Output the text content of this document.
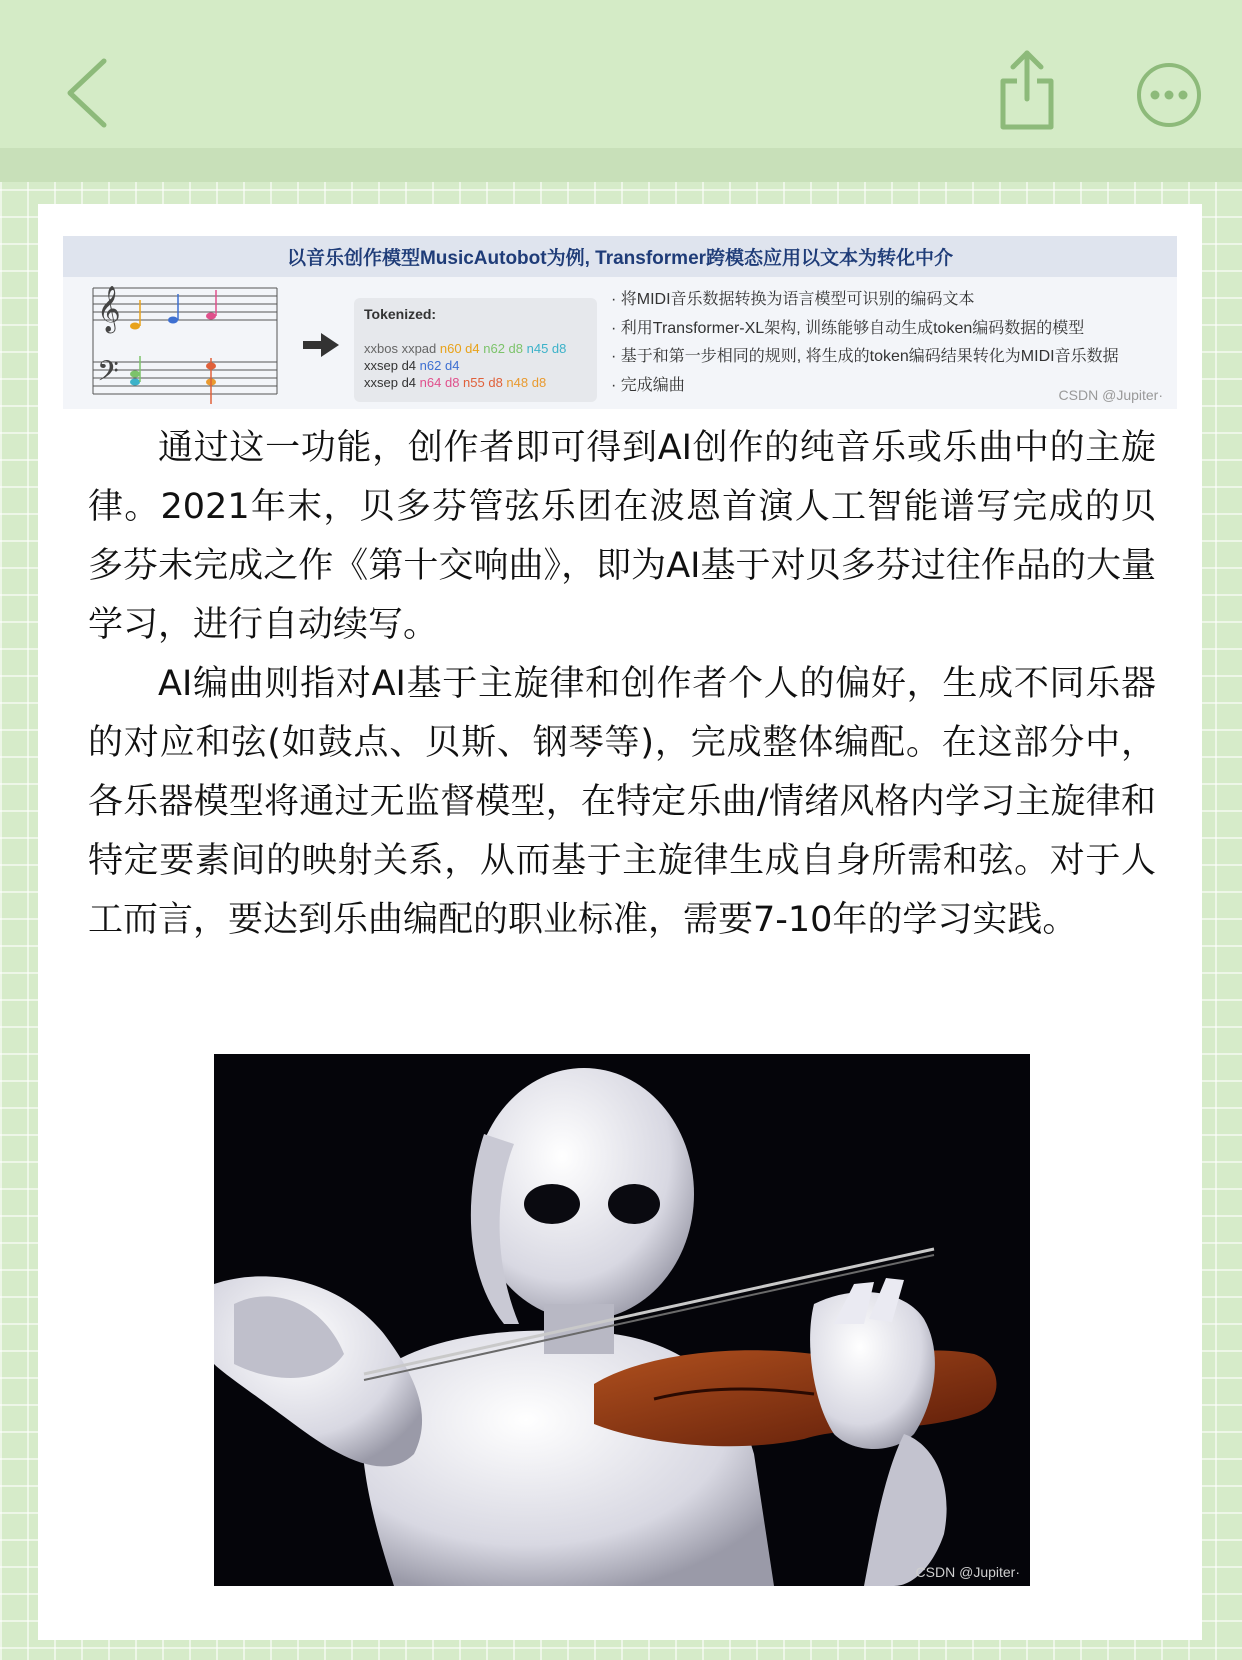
以音乐创作模型MusicAutobot为例, Transformer跨模态应用以文本为转化中介
𝄞
𝄢
Tokenized:
xxbos xxpad n60 d4 n62 d8 n45 d8
xxsep d4 n62 d4
xxsep d4 n64 d8 n55 d8 n48 d8
· 将MIDI音乐数据转换为语言模型可识别的编码文本
· 利用Transformer-XL架构, 训练能够自动生成token编码数据的模型
· 基于和第一步相同的规则, 将生成的token编码结果转化为MIDI音乐数据
· 完成编曲
CSDN @Jupiter·

通过这一功能，创作者即可得到AI创作的纯音乐或乐曲中的主旋律。2021年末，贝多芬管弦乐团在波恩首演人工智能谱写完成的贝多芬未完成之作《第十交响曲》，即为AI基于对贝多芬过往作品的大量学习，进行自动续写。

AI编曲则指对AI基于主旋律和创作者个人的偏好，生成不同乐器的对应和弦(如鼓点、贝斯、钢琴等)，完成整体编配。在这部分中，各乐器模型将通过无监督模型，在特定乐曲/情绪风格内学习主旋律和特定要素间的映射关系，从而基于主旋律生成自身所需和弦。对于人工而言，要达到乐曲编配的职业标准，需要7-10年的学习实践。

CSDN @Jupiter·
